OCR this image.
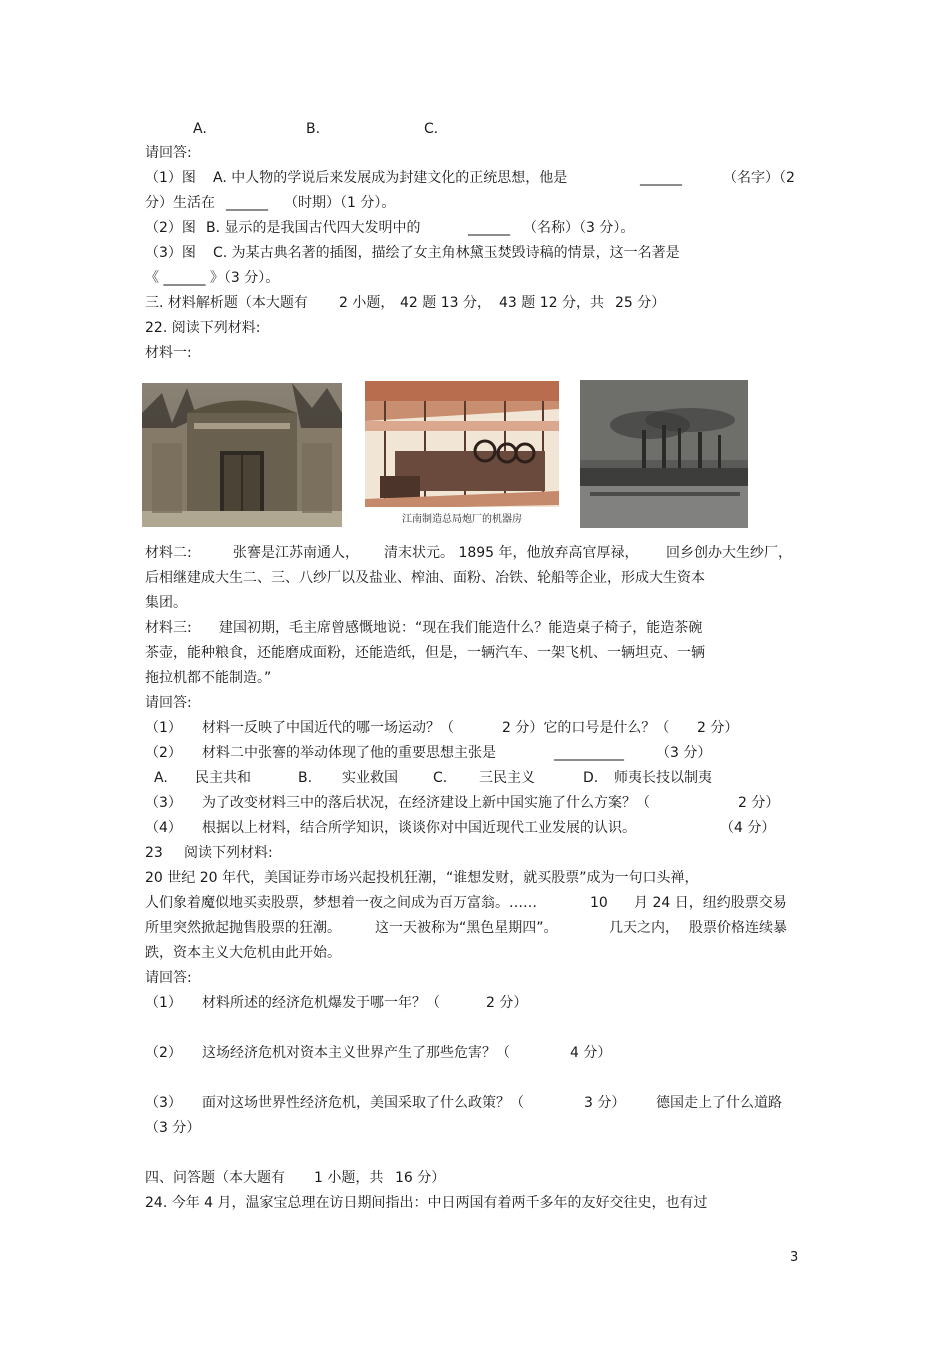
A.	B.	C.
请回答:
（1）图 A. 中人物的学说后来发展成为封建文化的正统思想，他是	______	（名字）（2
分）生活在 ______ （时期）（1 分）。
（2）图 B. 显示的是我国古代四大发明中的	______ （名称）（3 分）。
（3）图 C. 为某古典名著的插图，描绘了女主角林黛玉焚毁诗稿的情景，这一名著是
《 ______ 》（3 分）。
三. 材料解析题（本大题有 2 小题， 42 题 13 分， 43 题 12 分，共 25 分）
22. 阅读下列材料:
材料一:
江南制造总局炮厂的机器房
材料二:	张謇是江苏南通人， 清末状元。 1895 年，他放弃高官厚禄， 回乡创办大生纱厂，
后相继建成大生二、三、八纱厂以及盐业、榨油、面粉、冶铁、轮船等企业，形成大生资本
集团。
材料三: 建国初期，毛主席曾感慨地说：“现在我们能造什么？能造桌子椅子，能造茶碗
茶壶，能种粮食，还能磨成面粉，还能造纸，但是，一辆汽车、一架飞机、一辆坦克、一辆
拖拉机都不能制造。”
请回答:
（1） 材料一反映了中国近代的哪一场运动？（	2 分）它的口号是什么？（ 2 分）
（2） 材料二中张謇的举动体现了他的重要思想主张是	__________ （3 分）
A. 民主共和	B. 实业救国	C. 三民主义	D. 师夷长技以制夷
（3） 为了改变材料三中的落后状况，在经济建设上新中国实施了什么方案？（	2 分）
（4） 根据以上材料，结合所学知识，谈谈你对中国近现代工业发展的认识。	（4 分）
23 阅读下列材料:
20 世纪 20 年代，美国证券市场兴起投机狂潮，“谁想发财，就买股票”成为一句口头禅，
人们象着魔似地买卖股票，梦想着一夜之间成为百万富翁。……	10 月 24 日，纽约股票交易
所里突然掀起抛售股票的狂潮。 这一天被称为“黑色星期四”。	几天之内， 股票价格连续暴
跌，资本主义大危机由此开始。
请回答:
（1） 材料所述的经济危机爆发于哪一年？（	2 分）
（2） 这场经济危机对资本主义世界产生了那些危害？（	4 分）
（3） 面对这场世界性经济危机，美国采取了什么政策？（	3 分） 德国走上了什么道路
（3 分）
四、问答题（本大题有 1 小题，共 16 分）
24. 今年 4 月，温家宝总理在访日期间指出：中日两国有着两千多年的友好交往史，也有过
3
